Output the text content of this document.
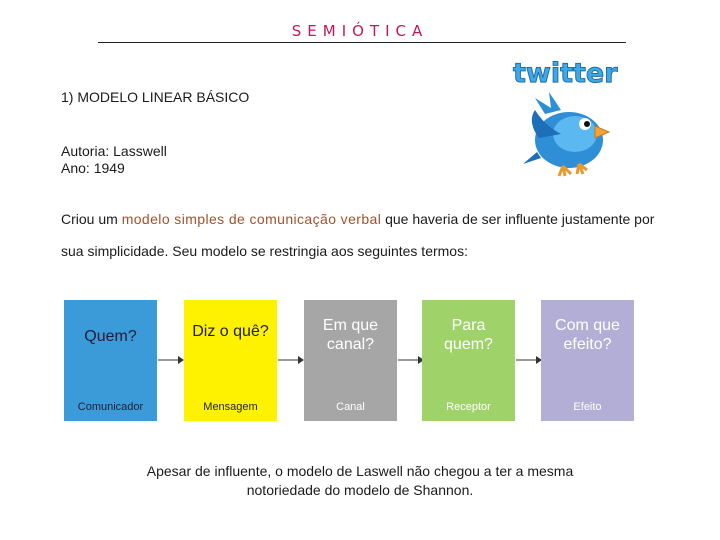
SEMIÓTICA
1) MODELO LINEAR BÁSICO
Autoria: Lasswell
Ano: 1949
twitter
Criou um modelo simples de comunicação verbal que haveria de ser influente justamente por sua simplicidade. Seu modelo se restringia aos seguintes termos:
Quem?
Comunicador
Diz o quê?
Mensagem
Em que canal?
Canal
Para quem?
Receptor
Com que efeito?
Efeito
Apesar de influente, o modelo de Laswell não chegou a ter a mesma notoriedade do modelo de Shannon.
